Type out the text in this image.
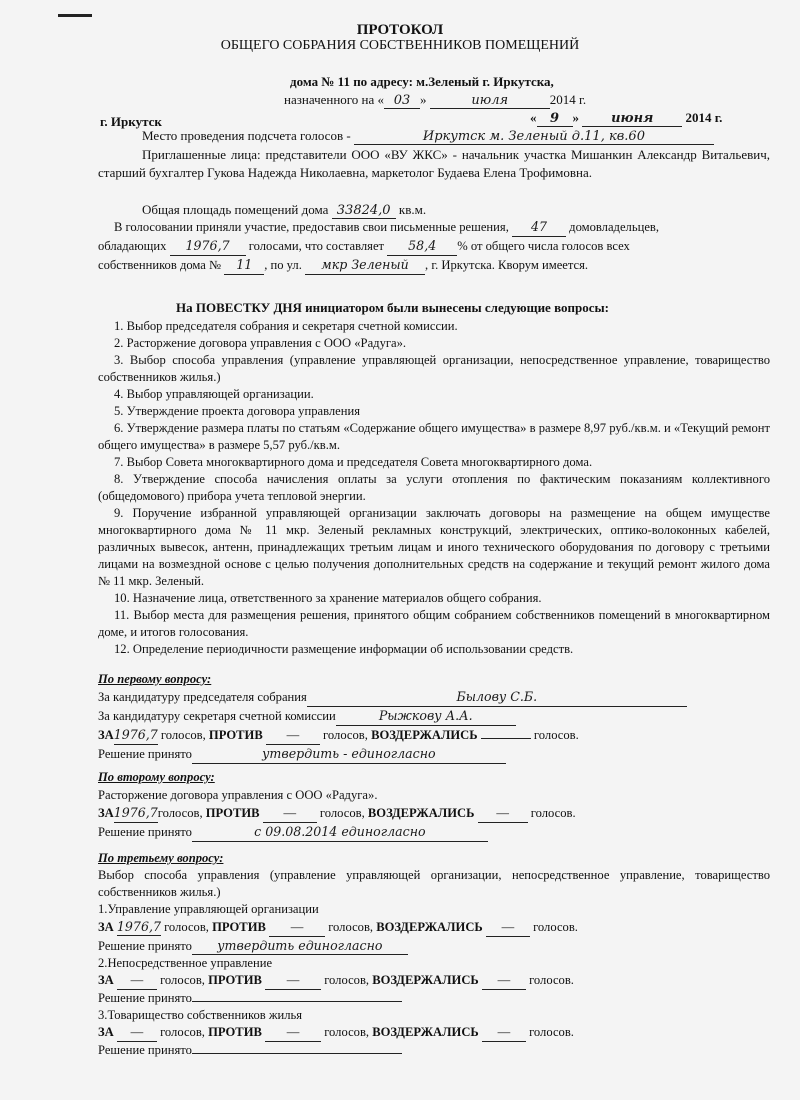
ПРОТОКОЛ
ОБЩЕГО СОБРАНИЯ СОБСТВЕННИКОВ ПОМЕЩЕНИЙ
дома № 11 по адресу: м.Зеленый г. Иркутска,
назначенного на « 03 »	июля	2014 г.
г. Иркутск	« 9 » июня 2014 г.
Место проведения подсчета голосов -	Иркутск м. Зеленый д.11, кв.60
Приглашенные лица: представители ООО «ВУ ЖКС» - начальник участка Мишанкин Александр Витальевич, старший бухгалтер Гукова Надежда Николаевна, маркетолог Будаева Елена Трофимовна.
Общая площадь помещений дома 33824,0 кв.м.
В голосовании приняли участие, предоставив свои письменные решения, 47 домовладельцев,
обладающих 1976,7 голосами, что составляет 58,4 % от общего числа голосов всех
собственников дома № 11 , по ул. мкр Зеленый , г. Иркутска. Кворум имеется.
На ПОВЕСТКУ ДНЯ инициатором были вынесены следующие вопросы:
1. Выбор председателя собрания и секретаря счетной комиссии.
2. Расторжение договора управления с ООО «Радуга».
3. Выбор способа управления (управление управляющей организации, непосредственное управление, товарищество собственников жилья.)
4. Выбор управляющей организации.
5. Утверждение проекта договора управления
6. Утверждение размера платы по статьям «Содержание общего имущества» в размере 8,97 руб./кв.м. и «Текущий ремонт общего имущества» в размере 5,57 руб./кв.м.
7. Выбор Совета многоквартирного дома и председателя Совета многоквартирного дома.
8. Утверждение способа начисления оплаты за услуги отопления по фактическим показаниям коллективного (общедомового) прибора учета тепловой энергии.
9. Поручение избранной управляющей организации заключать договоры на размещение на общем имуществе многоквартирного дома № 11 мкр. Зеленый рекламных конструкций, электрических, оптико-волоконных кабелей, различных вывесок, антенн, принадлежащих третьим лицам и иного технического оборудования по договору с третьими лицами на возмездной основе с целью получения дополнительных средств на содержание и текущий ремонт жилого дома № 11 мкр. Зеленый.
10. Назначение лица, ответственного за хранение материалов общего собрания.
11. Выбор места для размещения решения, принятого общим собранием собственников помещений в многоквартирном доме, и итогов голосования.
12. Определение периодичности размещение информации об использовании средств.
По первому вопросу:
За кандидатуру председателя собрания	Былову С.Б.
За кандидатуру секретаря счетной комиссии	Рыжкову А.А.
ЗА1976,7 голосов, ПРОТИВ — голосов, ВОЗДЕРЖАЛИСЬ	голосов.
Решение принято	утвердить - единогласно
По второму вопросу:
Расторжение договора управления с ООО «Радуга».
ЗА1976,7голосов, ПРОТИВ — голосов, ВОЗДЕРЖАЛИСЬ — голосов.
Решение принято	с 09.08.2014 единогласно
По третьему вопросу:
Выбор способа управления (управление управляющей организации, непосредственное управление, товарищество собственников жилья.)
1.Управление управляющей организации
ЗА 1976,7 голосов, ПРОТИВ — голосов, ВОЗДЕРЖАЛИСЬ — голосов.
Решение принято утвердить единогласно
2.Непосредственное управление
ЗА — голосов, ПРОТИВ — голосов, ВОЗДЕРЖАЛИСЬ — голосов.
Решение принято
3.Товарищество собственников жилья
ЗА — голосов, ПРОТИВ — голосов, ВОЗДЕРЖАЛИСЬ — голосов.
Решение принято
